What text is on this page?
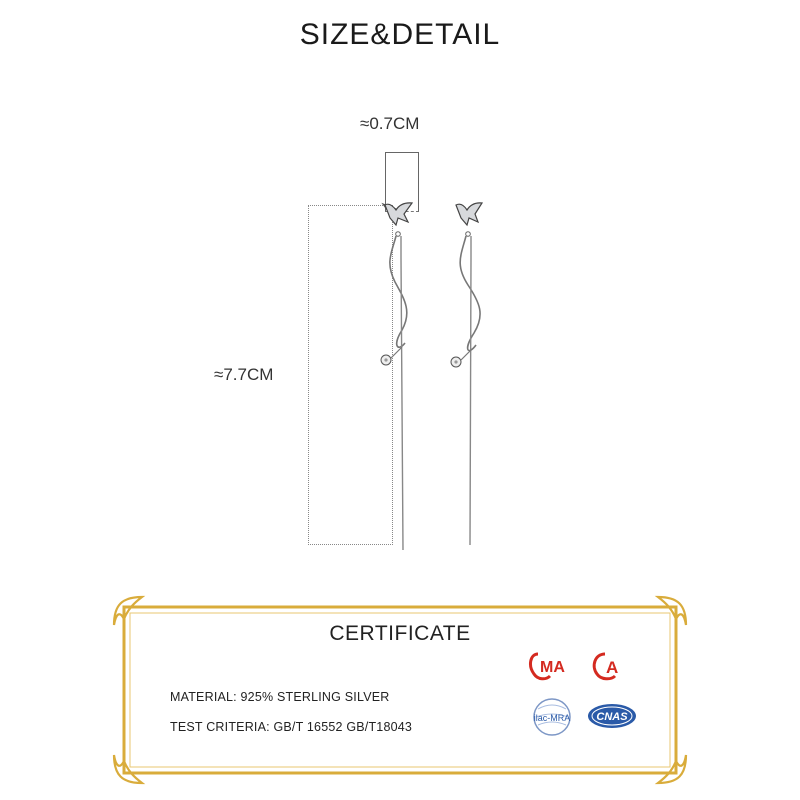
SIZE&DETAIL
≈0.7CM
≈7.7CM
CERTIFICATE
MATERIAL: 925% STERLING SILVER
TEST CRITERIA: GB/T 16552 GB/T18043
MA A
ilac-MRA CNAS
